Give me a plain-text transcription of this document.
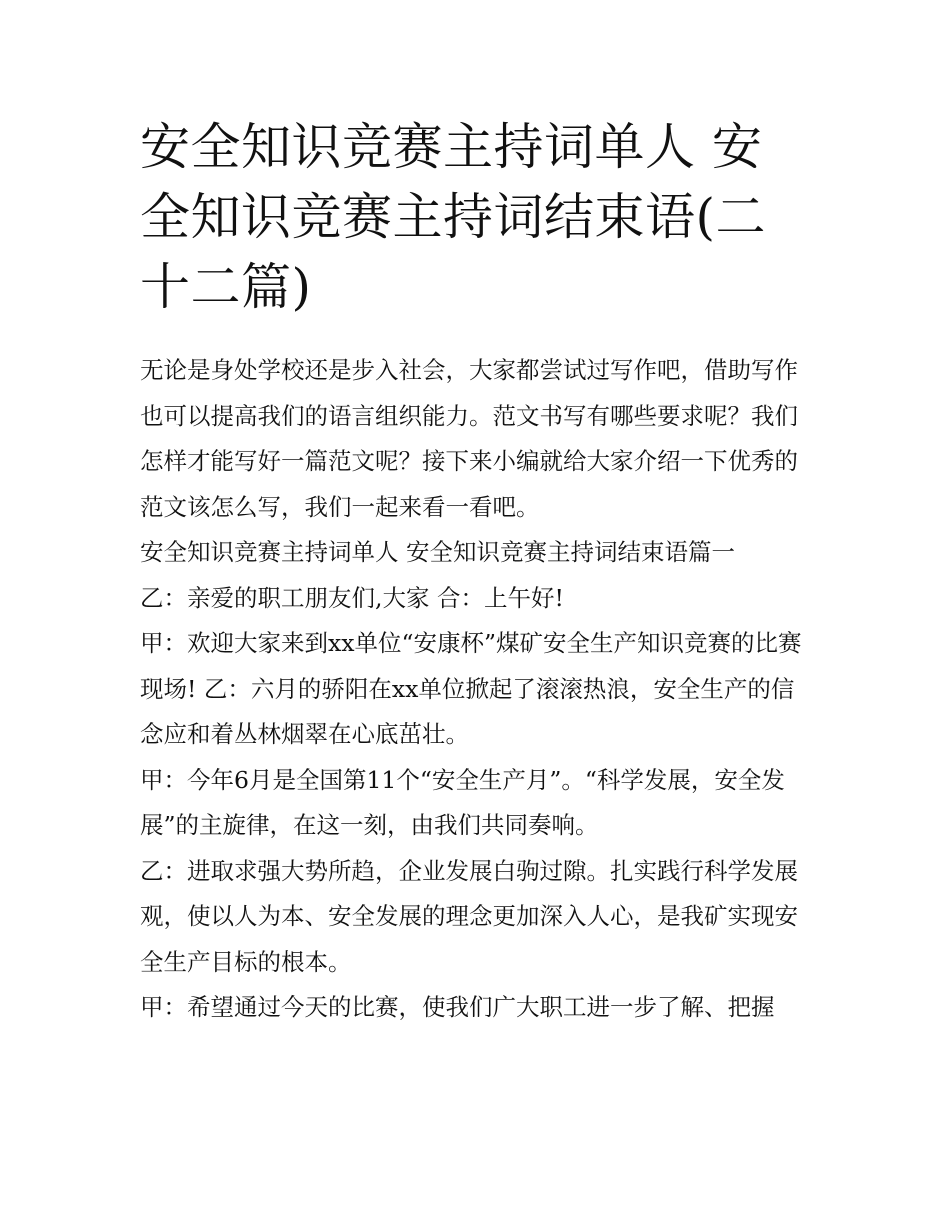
安全知识竞赛主持词单人 安全知识竞赛主持词结束语(二十二篇)

无论是身处学校还是步入社会，大家都尝试过写作吧，借助写作也可以提高我们的语言组织能力。范文书写有哪些要求呢？我们怎样才能写好一篇范文呢？接下来小编就给大家介绍一下优秀的范文该怎么写，我们一起来看一看吧。

安全知识竞赛主持词单人 安全知识竞赛主持词结束语篇一

乙：亲爱的职工朋友们,大家 合：上午好!

甲：欢迎大家来到xx单位“安康杯”煤矿安全生产知识竞赛的比赛现场! 乙：六月的骄阳在xx单位掀起了滚滚热浪，安全生产的信念应和着丛林烟翠在心底茁壮。

甲：今年6月是全国第11个“安全生产月”。“科学发展，安全发展”的主旋律，在这一刻，由我们共同奏响。

乙：进取求强大势所趋，企业发展白驹过隙。扎实践行科学发展观，使以人为本、安全发展的理念更加深入人心，是我矿实现安全生产目标的根本。

甲：希望通过今天的比赛，使我们广大职工进一步了解、把握
